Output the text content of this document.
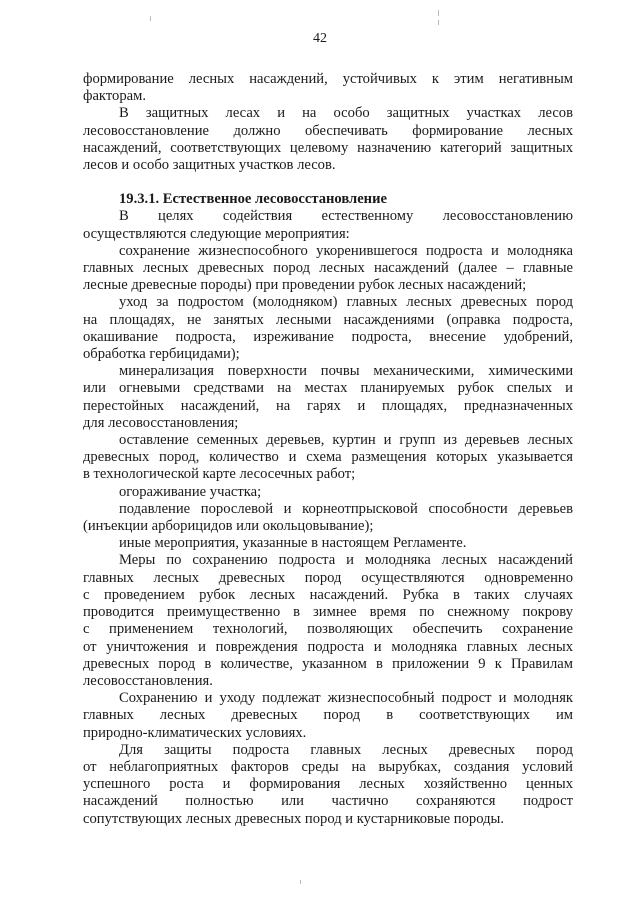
42
формирование лесных насаждений, устойчивых к этим негативным
факторам.
В защитных лесах и на особо защитных участках лесов
лесовосстановление должно обеспечивать формирование лесных
насаждений, соответствующих целевому назначению категорий защитных
лесов и особо защитных участков лесов.
19.3.1. Естественное лесовосстановление
В целях содействия естественному лесовосстановлению
осуществляются следующие мероприятия:
сохранение жизнеспособного укоренившегося подроста и молодняка
главных лесных древесных пород лесных насаждений (далее – главные
лесные древесные породы) при проведении рубок лесных насаждений;
уход за подростом (молодняком) главных лесных древесных пород
на площадях, не занятых лесными насаждениями (оправка подроста,
окашивание подроста, изреживание подроста, внесение удобрений,
обработка гербицидами);
минерализация поверхности почвы механическими, химическими
или огневыми средствами на местах планируемых рубок спелых и
перестойных насаждений, на гарях и площадях, предназначенных
для лесовосстановления;
оставление семенных деревьев, куртин и групп из деревьев лесных
древесных пород, количество и схема размещения которых указывается
в технологической карте лесосечных работ;
огораживание участка;
подавление порослевой и корнеотпрысковой способности деревьев
(инъекции арборицидов или окольцовывание);
иные мероприятия, указанные в настоящем Регламенте.
Меры по сохранению подроста и молодняка лесных насаждений
главных лесных древесных пород осуществляются одновременно
с проведением рубок лесных насаждений. Рубка в таких случаях
проводится преимущественно в зимнее время по снежному покрову
с применением технологий, позволяющих обеспечить сохранение
от уничтожения и повреждения подроста и молодняка главных лесных
древесных пород в количестве, указанном в приложении 9 к Правилам
лесовосстановления.
Сохранению и уходу подлежат жизнеспособный подрост и молодняк
главных лесных древесных пород в соответствующих им
природно-климатических условиях.
Для защиты подроста главных лесных древесных пород
от неблагоприятных факторов среды на вырубках, создания условий
успешного роста и формирования лесных хозяйственно ценных
насаждений полностью или частично сохраняются подрост
сопутствующих лесных древесных пород и кустарниковые породы.
